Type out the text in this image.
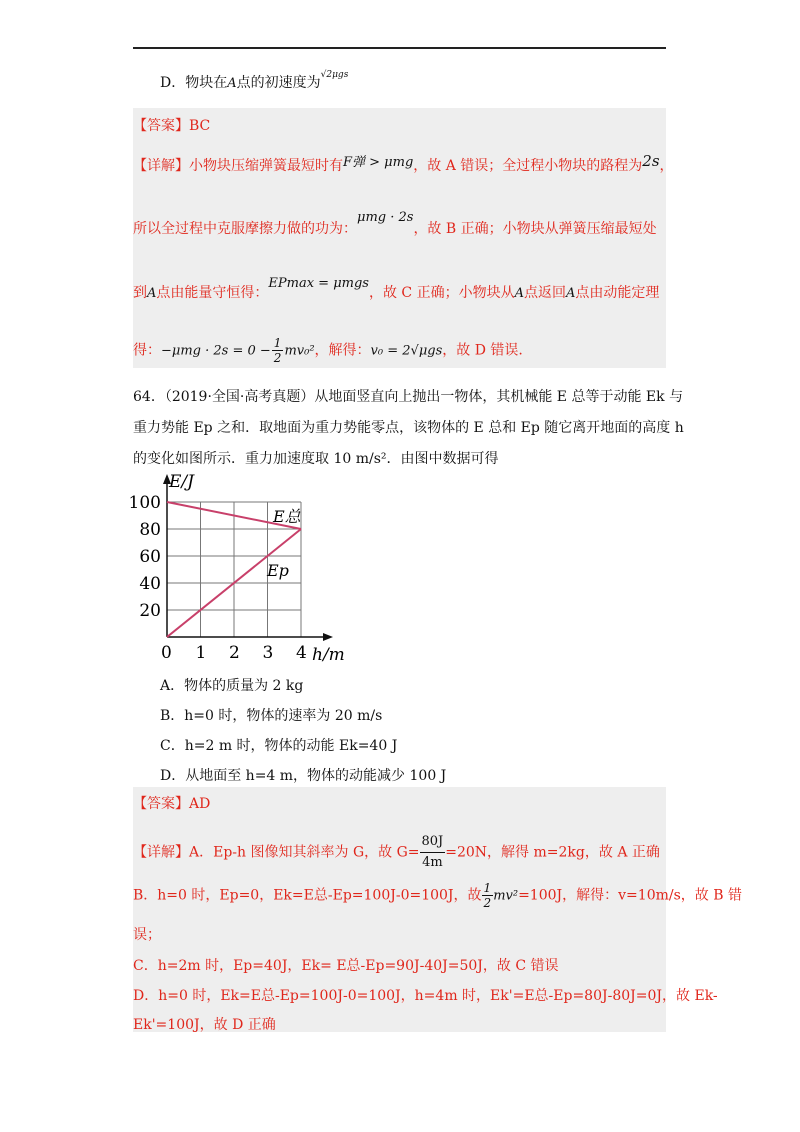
D．物块在A点的初速度为$^{√2\mu gs}$
【答案】BC
【详解】小物块压缩弹簧最短时有F弹 > μmg，故 A 错误；全过程小物块的路程为2s，
所以全过程中克服摩擦力做的功为：μmg · 2s，故 B 正确；小物块从弹簧压缩最短处
到A点由能量守恒得：EPmax = μmgs，故 C 正确；小物块从A点返回A点由动能定理
得：$-\mu mg \cdot 2s = 0 - \frac{1}{2} mv_0^2$，解得：v₀ = 2√μgs，故 D 错误.
64．（2019·全国·高考真题）从地面竖直向上抛出一物体，其机械能 E 总等于动能 Ek 与
重力势能 Ep 之和．取地面为重力势能零点，该物体的 E 总和 Ep 随它离开地面的高度 h
的变化如图所示．重力加速度取 10 m/s²．由图中数据可得
0 1 2 3 4
20
40
60
80
100
E/J
h/m
E总
Ep
A．物体的质量为 2 kg
B．h=0 时，物体的速率为 20 m/s
C．h=2 m 时，物体的动能 Ek=40 J
D．从地面至 h=4 m，物体的动能减少 100 J
【答案】AD
【详解】A．Ep-h 图像知其斜率为 G，故 $G= \frac{80J}{4m} =20N$，解得 m=2kg，故 A 正确
B．h=0 时，Ep=0，Ek=E总-Ep=100J-0=100J，故 $\frac{1}{2} mv^2=100J$，解得：v=10m/s，故 B 错
误；
C．h=2m 时，Ep=40J，Ek= E总-Ep=90J-40J=50J，故 C 错误
D．h=0 时，Ek=E总-Ep=100J-0=100J，h=4m 时，Ek'=E总-Ep=80J-80J=0J，故 Ek-
Ek'=100J，故 D 正确
